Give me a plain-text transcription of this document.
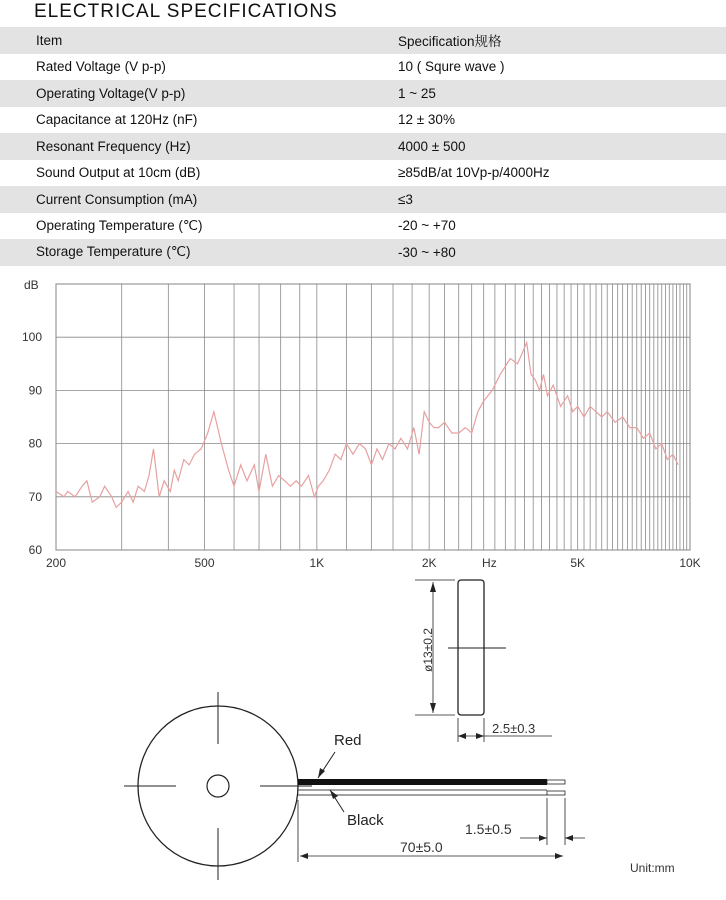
ELECTRICAL SPECIFICATIONS
Item	Specification规格
Rated Voltage (V p-p)	10 ( Squre wave )
Operating Voltage(V p-p)	1 ~ 25
Capacitance at 120Hz (nF)	12 ± 30%
Resonant Frequency (Hz)	4000 ± 500
Sound Output at 10cm (dB)	≥85dB/at 10Vp-p/4000Hz
Current Consumption (mA)	≤3
Operating Temperature (℃)	-20 ~ +70
Storage Temperature (℃)	-30 ~ +80
dB
60
70
80
90
100
200	500	1K	2K	Hz	5K	10K
ø13±0.2
2.5±0.3
Red
Black	1.5±0.5
70±5.0
Unit:mm
